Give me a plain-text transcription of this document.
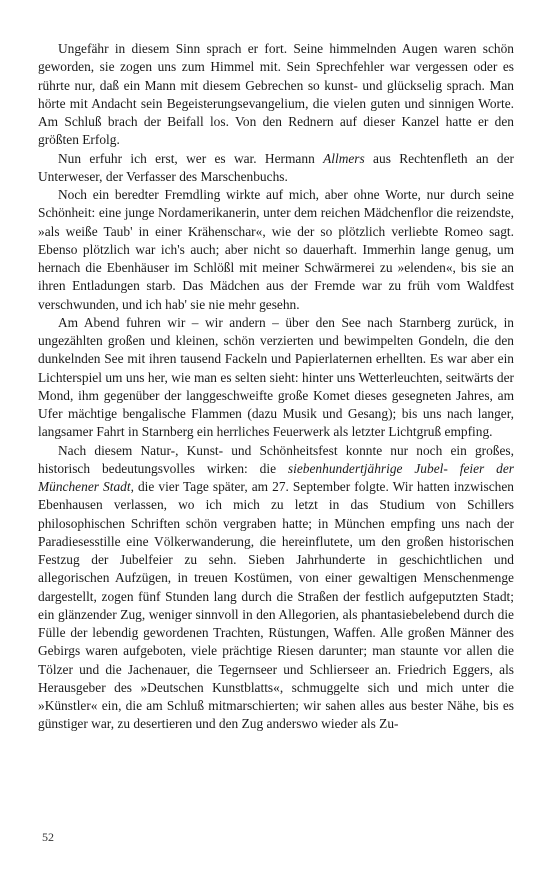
Ungefähr in diesem Sinn sprach er fort. Seine himmelnden Augen waren schön geworden, sie zogen uns zum Himmel mit. Sein Sprechfehler war vergessen oder es rührte nur, daß ein Mann mit diesem Gebrechen so kunst- und glückselig sprach. Man hörte mit Andacht sein Begeisterungsevangelium, die vielen guten und sinnigen Worte. Am Schluß brach der Beifall los. Von den Rednern auf dieser Kanzel hatte er den größten Erfolg.

Nun erfuhr ich erst, wer es war. Hermann Allmers aus Rechtenfleth an der Unterweser, der Verfasser des Marschenbuchs.

Noch ein beredter Fremdling wirkte auf mich, aber ohne Worte, nur durch seine Schönheit: eine junge Nordamerikanerin, unter dem reichen Mädchenflor die reizendste, »als weiße Taub' in einer Krähenschar«, wie der so plötzlich verliebte Romeo sagt. Ebenso plötzlich war ich's auch; aber nicht so dauerhaft. Immerhin lange genug, um hernach die Ebenhäuser im Schlößl mit meiner Schwärmerei zu »elenden«, bis sie an ihren Entladungen starb. Das Mädchen aus der Fremde war zu früh vom Waldfest verschwunden, und ich hab' sie nie mehr gesehn.

Am Abend fuhren wir – wir andern – über den See nach Starnberg zurück, in ungezählten großen und kleinen, schön verzierten und bewimpelten Gondeln, die den dunkelnden See mit ihren tausend Fackeln und Papierlaternen erhellten. Es war aber ein Lichterspiel um uns her, wie man es selten sieht: hinter uns Wetterleuchten, seitwärts der Mond, ihm gegenüber der langgeschweifte große Komet dieses gesegneten Jahres, am Ufer mächtige bengalische Flammen (dazu Musik und Gesang); bis uns nach langer, langsamer Fahrt in Starnberg ein herrliches Feuerwerk als letzter Lichtgruß empfing.

Nach diesem Natur-, Kunst- und Schönheitsfest konnte nur noch ein großes, historisch bedeutungsvolles wirken: die siebenhundertjährige Jubel- feier der Münchener Stadt, die vier Tage später, am 27. September folgte. Wir hatten inzwischen Ebenhausen verlassen, wo ich mich zu letzt in das Studium von Schillers philosophischen Schriften schön vergraben hatte; in München empfing uns nach der Paradiesesstille eine Völkerwanderung, die hereinflutete, um den großen historischen Festzug der Jubelfeier zu sehn. Sieben Jahrhunderte in geschichtlichen und allegorischen Aufzügen, in treuen Kostümen, von einer gewaltigen Menschenmenge dargestellt, zogen fünf Stunden lang durch die Straßen der festlich aufgeputzten Stadt; ein glänzender Zug, weniger sinnvoll in den Allegorien, als phantasiebelebend durch die Fülle der lebendig gewordenen Trachten, Rüstungen, Waffen. Alle großen Männer des Gebirgs waren aufgeboten, viele prächtige Riesen darunter; man staunte vor allen die Tölzer und die Jachenauer, die Tegernseer und Schlierseer an. Friedrich Eggers, als Herausgeber des »Deutschen Kunstblatts«, schmuggelte sich und mich unter die »Künstler« ein, die am Schluß mitmarschierten; wir sahen alles aus bester Nähe, bis es günstiger war, zu desertieren und den Zug anderswo wieder als Zu-

52
